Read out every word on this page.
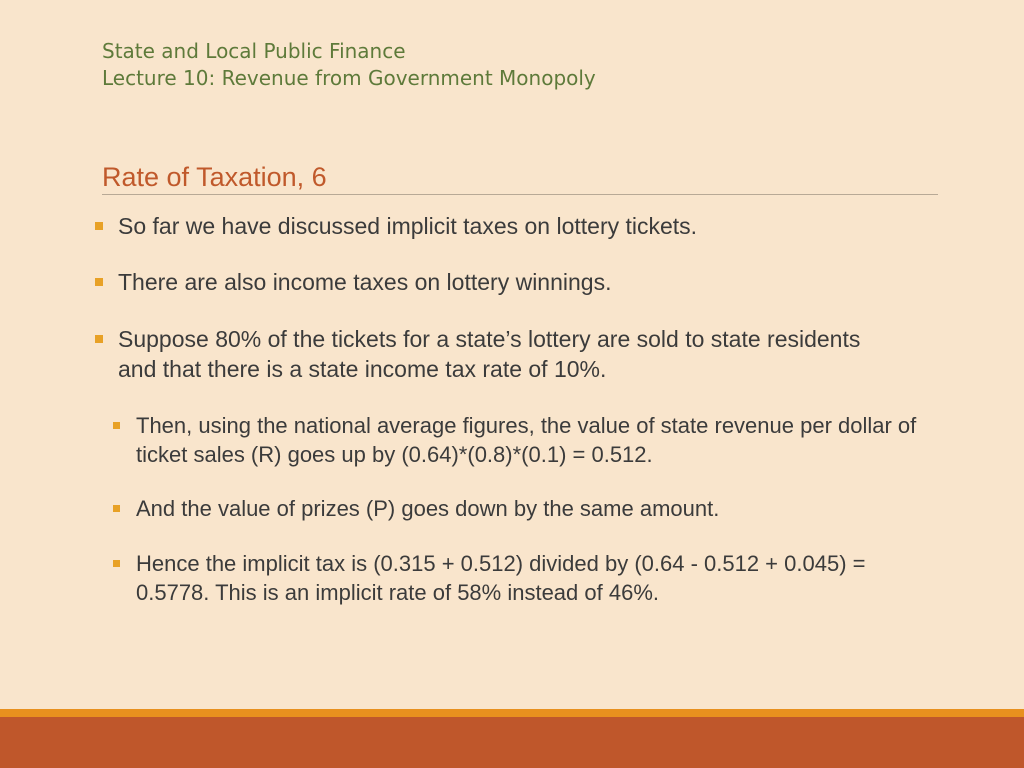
State and Local Public Finance
Lecture 10: Revenue from Government Monopoly
Rate of Taxation, 6
So far we have discussed implicit taxes on lottery tickets.
There are also income taxes on lottery winnings.
Suppose 80% of the tickets for a state’s lottery are sold to state residents and that there is a state income tax rate of 10%.
Then, using the national average figures, the value of state revenue per dollar of ticket sales (R) goes up by (0.64)*(0.8)*(0.1) = 0.512.
And the value of prizes (P) goes down by the same amount.
Hence the implicit tax is (0.315 + 0.512) divided by (0.64 - 0.512 + 0.045) = 0.5778. This is an implicit rate of 58% instead of 46%.
